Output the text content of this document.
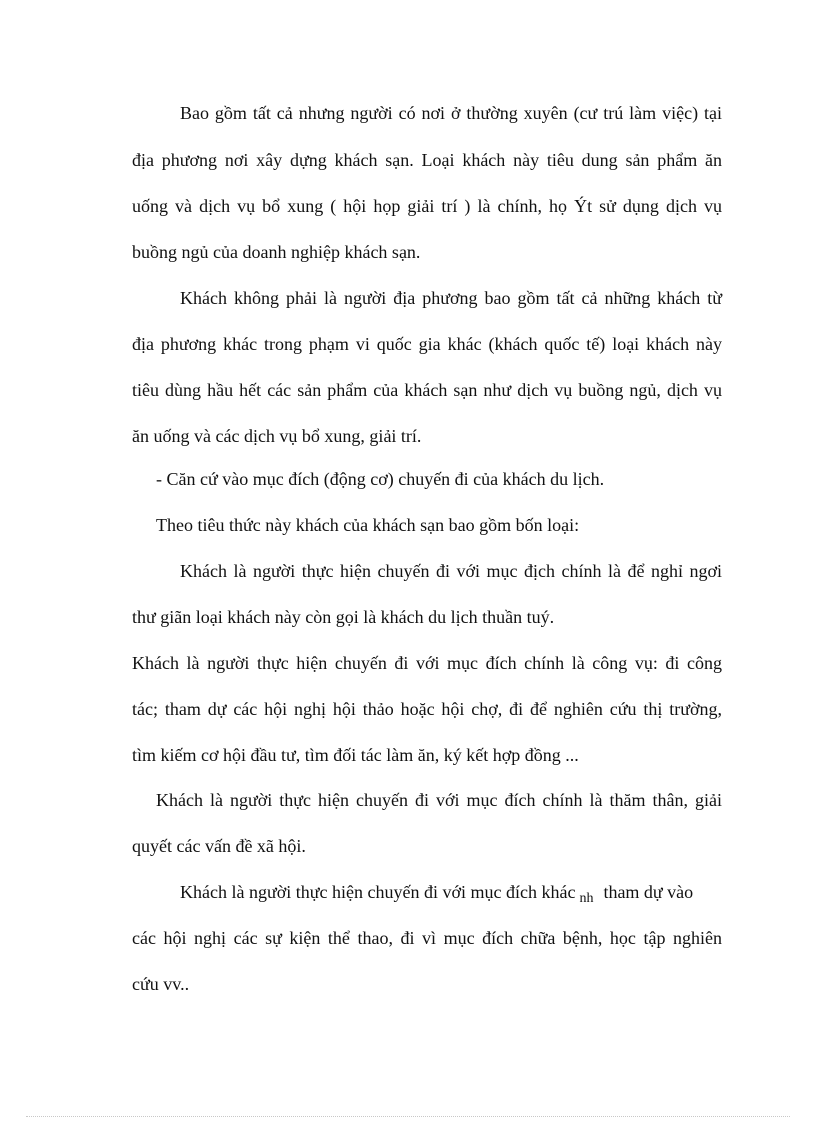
Bao gồm tất cả nhưng người có nơi ở thường xuyên (cư trú làm việc) tại
địa phương nơi xây dựng khách sạn. Loại khách này tiêu dung sản phẩm ăn
uống và dịch vụ bổ xung ( hội họp giải trí ) là chính, họ Ýt sử dụng dịch vụ
buồng ngủ của doanh nghiệp khách sạn.
Khách không phải là người địa phương bao gồm tất cả những khách từ
địa phương khác trong phạm vi quốc gia khác (khách quốc tế) loại khách này
tiêu dùng hầu hết các sản phẩm của khách sạn như dịch vụ buồng ngủ, dịch vụ
ăn uống và các dịch vụ bổ xung, giải trí.
- Căn cứ vào mục đích (động cơ) chuyến đi của khách du lịch.
Theo tiêu thức này khách của khách sạn bao gồm bốn loại:
Khách là người thực hiện chuyến đi với mục địch chính là để nghỉ ngơi
thư giãn loại khách này còn gọi là khách du lịch thuần tuý.
Khách là người thực hiện chuyến đi với mục đích chính là công vụ: đi công
tác; tham dự các hội nghị hội thảo hoặc hội chợ, đi để nghiên cứu thị trường,
tìm kiếm cơ hội đầu tư, tìm đối tác làm ăn, ký kết hợp đồng ...
Khách là người thực hiện chuyến đi với mục đích chính là thăm thân, giải
quyết các vấn đề xã hội.
Khách là người thực hiện chuyến đi với mục đích khác $_{nh}$ tham dự vào
các hội nghị các sự kiện thể thao, đi vì mục đích chữa bệnh, học tập nghiên
cứu vv..
